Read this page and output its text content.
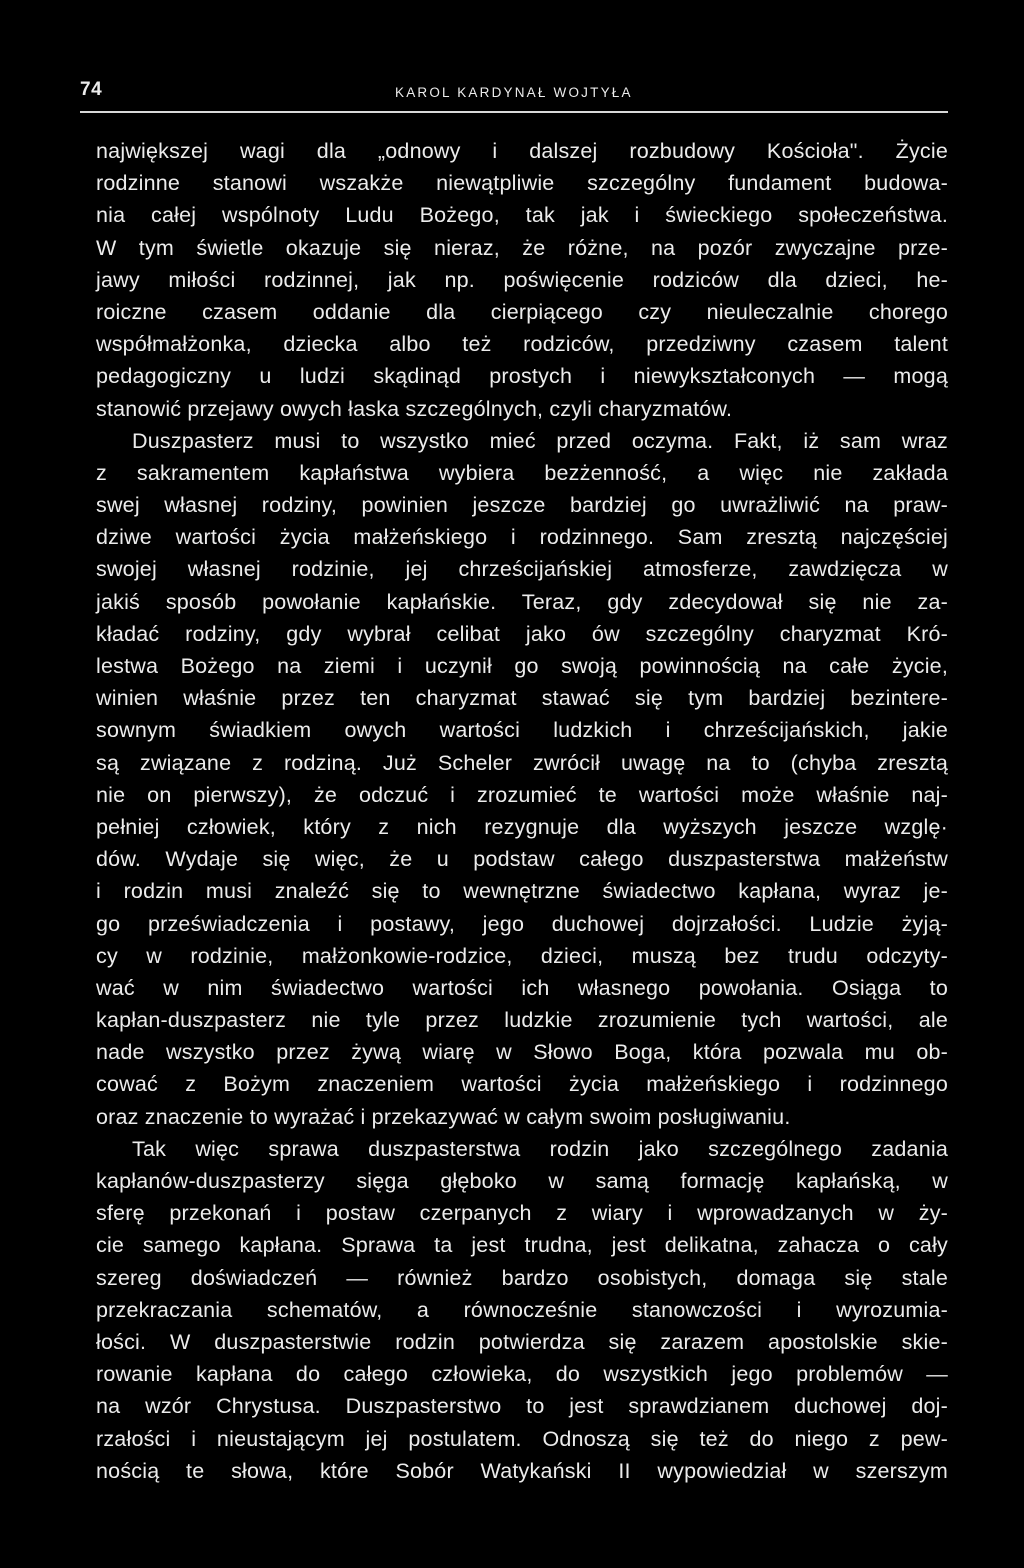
74	KAROL KARDYNAŁ WOJTYŁA
największej wagi dla „odnowy i dalszej rozbudowy Kościoła". Życie
rodzinne stanowi wszakże niewątpliwie szczególny fundament budowa-
nia całej wspólnoty Ludu Bożego, tak jak i świeckiego społeczeństwa.
W tym świetle okazuje się nieraz, że różne, na pozór zwyczajne prze-
jawy miłości rodzinnej, jak np. poświęcenie rodziców dla dzieci, he-
roiczne czasem oddanie dla cierpiącego czy nieuleczalnie chorego
współmałżonka, dziecka albo też rodziców, przedziwny czasem talent
pedagogiczny u ludzi skądinąd prostych i niewykształconych — mogą
stanowić przejawy owych łaska szczególnych, czyli charyzmatów.
Duszpasterz musi to wszystko mieć przed oczyma. Fakt, iż sam wraz
z sakramentem kapłaństwa wybiera bezżenność, a więc nie zakłada
swej własnej rodziny, powinien jeszcze bardziej go uwrażliwić na praw-
dziwe wartości życia małżeńskiego i rodzinnego. Sam zresztą najczęściej
swojej własnej rodzinie, jej chrześcijańskiej atmosferze, zawdzięcza w
jakiś sposób powołanie kapłańskie. Teraz, gdy zdecydował się nie za-
kładać rodziny, gdy wybrał celibat jako ów szczególny charyzmat Kró-
lestwa Bożego na ziemi i uczynił go swoją powinnością na całe życie,
winien właśnie przez ten charyzmat stawać się tym bardziej bezintere-
sownym świadkiem owych wartości ludzkich i chrześcijańskich, jakie
są związane z rodziną. Już Scheler zwrócił uwagę na to (chyba zresztą
nie on pierwszy), że odczuć i zrozumieć te wartości może właśnie naj-
pełniej człowiek, który z nich rezygnuje dla wyższych jeszcze wzglę·
dów. Wydaje się więc, że u podstaw całego duszpasterstwa małżeństw
i rodzin musi znaleźć się to wewnętrzne świadectwo kapłana, wyraz je-
go przeświadczenia i postawy, jego duchowej dojrzałości. Ludzie żyją-
cy w rodzinie, małżonkowie-rodzice, dzieci, muszą bez trudu odczyty-
wać w nim świadectwo wartości ich własnego powołania. Osiąga to
kapłan-duszpasterz nie tyle przez ludzkie zrozumienie tych wartości, ale
nade wszystko przez żywą wiarę w Słowo Boga, która pozwala mu ob-
cować z Bożym znaczeniem wartości życia małżeńskiego i rodzinnego
oraz znaczenie to wyrażać i przekazywać w całym swoim posługiwaniu.
Tak więc sprawa duszpasterstwa rodzin jako szczególnego zadania
kapłanów-duszpasterzy sięga głęboko w samą formację kapłańską, w
sferę przekonań i postaw czerpanych z wiary i wprowadzanych w ży-
cie samego kapłana. Sprawa ta jest trudna, jest delikatna, zahacza o cały
szereg doświadczeń — również bardzo osobistych, domaga się stale
przekraczania schematów, a równocześnie stanowczości i wyrozumia-
łości. W duszpasterstwie rodzin potwierdza się zarazem apostolskie skie-
rowanie kapłana do całego człowieka, do wszystkich jego problemów —
na wzór Chrystusa. Duszpasterstwo to jest sprawdzianem duchowej doj-
rzałości i nieustającym jej postulatem. Odnoszą się też do niego z pew-
nością te słowa, które Sobór Watykański II wypowiedział w szerszym
